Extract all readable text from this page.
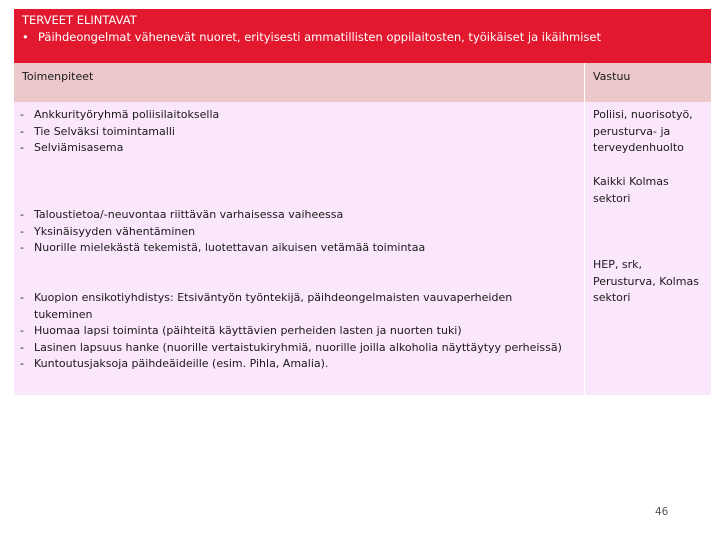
TERVEET ELINTAVAT
• Päihdeongelmat vähenevät nuoret, erityisesti ammatillisten oppilaitosten, työikäiset ja ikäihmiset
Toimenpiteet	Vastuu
- Ankkurityöryhmä poliisilaitoksella
- Tie Selväksi toimintamalli
- Selviämisasema
- Taloustietoa/-neuvontaa riittävän varhaisessa vaiheessa
- Yksinäisyyden vähentäminen
- Nuorille mielekästä tekemistä, luotettavan aikuisen vetämää toimintaa
- Kuopion ensikotiyhdistys: Etsiväntyön työntekijä, päihdeongelmaisten vauvaperheiden tukeminen
- Huomaa lapsi toiminta (päihteitä käyttävien perheiden lasten ja nuorten tuki)
- Lasinen lapsuus hanke (nuorille vertaistukiryhmiä, nuorille joilla alkoholia näyttäytyy perheissä)
- Kuntoutusjaksoja päihdeäideille (esim. Pihla, Amalia).
Poliisi, nuorisotyö, perusturva- ja terveydenhuolto
Kaikki Kolmas sektori
HEP, srk, Perusturva, Kolmas sektori
46
